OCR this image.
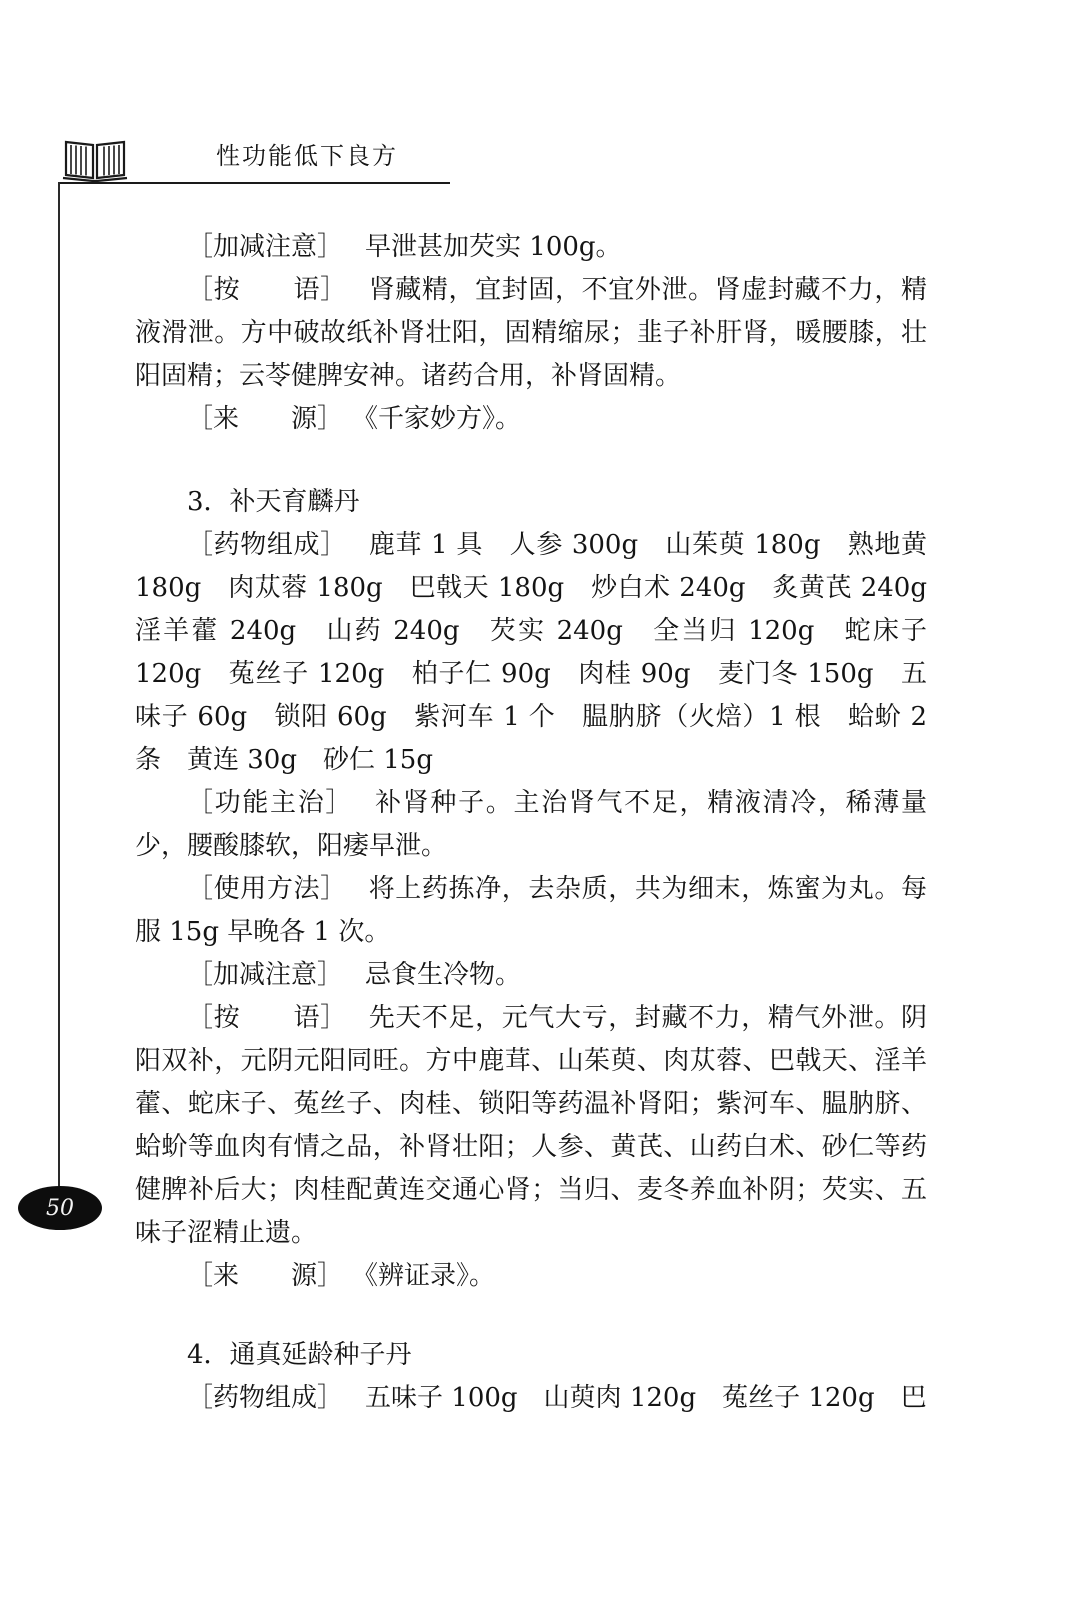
性功能低下良方
50

［加减注意］ 早泄甚加芡实 100g。

［按　　语］ 肾藏精，宜封固，不宜外泄。肾虚封藏不力，精液滑泄。方中破故纸补肾壮阳，固精缩尿；韭子补肝肾，暖腰膝，壮阳固精；云苓健脾安神。诸药合用，补肾固精。

［来　　源］ 《千家妙方》。

3．补天育麟丹

［药物组成］ 鹿茸 1 具　人参 300g　山茱萸 180g　熟地黄 180g　肉苁蓉 180g　巴戟天 180g　炒白术 240g　炙黄芪 240g　淫羊藿 240g　山药 240g　芡实 240g　全当归 120g　蛇床子 120g　菟丝子 120g　柏子仁 90g　肉桂 90g　麦门冬 150g　五味子 60g　锁阳 60g　紫河车 1 个　腽肭脐（火焙）1 根　蛤蚧 2 条　黄连 30g　砂仁 15g

［功能主治］ 补肾种子。主治肾气不足，精液清冷，稀薄量少，腰酸膝软，阳痿早泄。

［使用方法］ 将上药拣净，去杂质，共为细末，炼蜜为丸。每服 15g 早晚各 1 次。

［加减注意］ 忌食生冷物。

［按　　语］ 先天不足，元气大亏，封藏不力，精气外泄。阴阳双补，元阴元阳同旺。方中鹿茸、山茱萸、肉苁蓉、巴戟天、淫羊藿、蛇床子、菟丝子、肉桂、锁阳等药温补肾阳；紫河车、腽肭脐、蛤蚧等血肉有情之品，补肾壮阳；人参、黄芪、山药白术、砂仁等药健脾补后大；肉桂配黄连交通心肾；当归、麦冬养血补阴；芡实、五味子涩精止遗。

［来　　源］ 《辨证录》。

4．通真延龄种子丹

［药物组成］ 五味子 100g　山萸肉 120g　菟丝子 120g　巴
